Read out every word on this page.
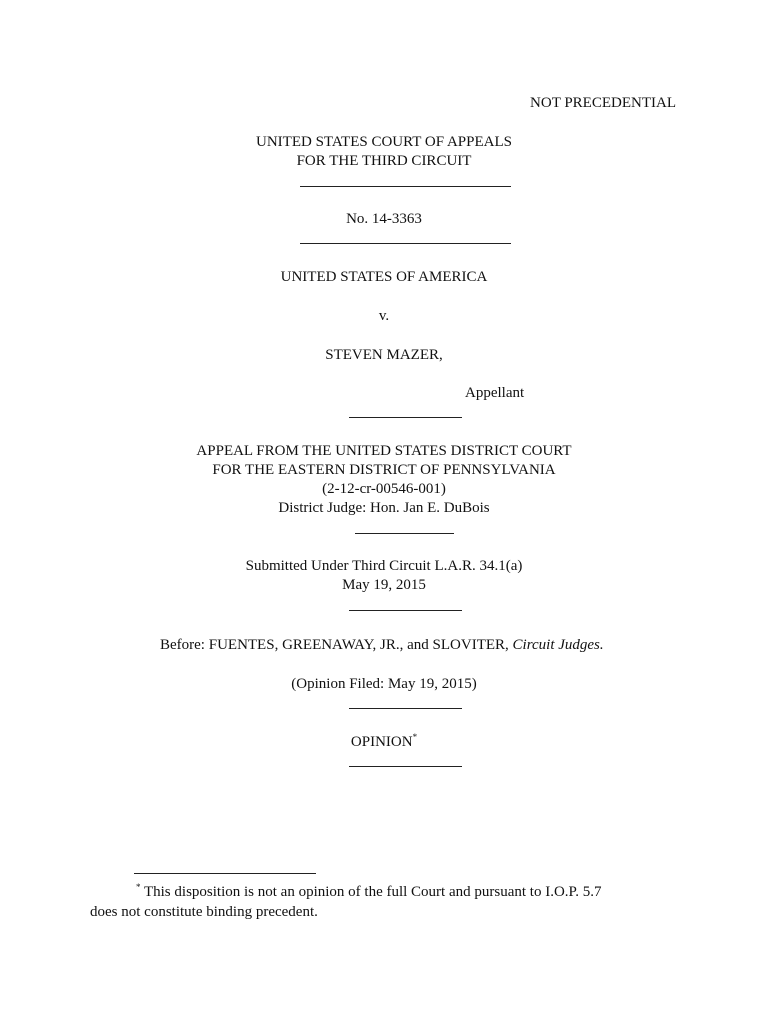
NOT PRECEDENTIAL
UNITED STATES COURT OF APPEALS
FOR THE THIRD CIRCUIT
No. 14-3363
UNITED STATES OF AMERICA
v.
STEVEN MAZER,
Appellant
APPEAL FROM THE UNITED STATES DISTRICT COURT
FOR THE EASTERN DISTRICT OF PENNSYLVANIA
(2-12-cr-00546-001)
District Judge: Hon. Jan E. DuBois
Submitted Under Third Circuit L.A.R. 34.1(a)
May 19, 2015
Before: FUENTES, GREENAWAY, JR., and SLOVITER, Circuit Judges.
(Opinion Filed: May 19, 2015)
OPINION*
* This disposition is not an opinion of the full Court and pursuant to I.O.P. 5.7
does not constitute binding precedent.
